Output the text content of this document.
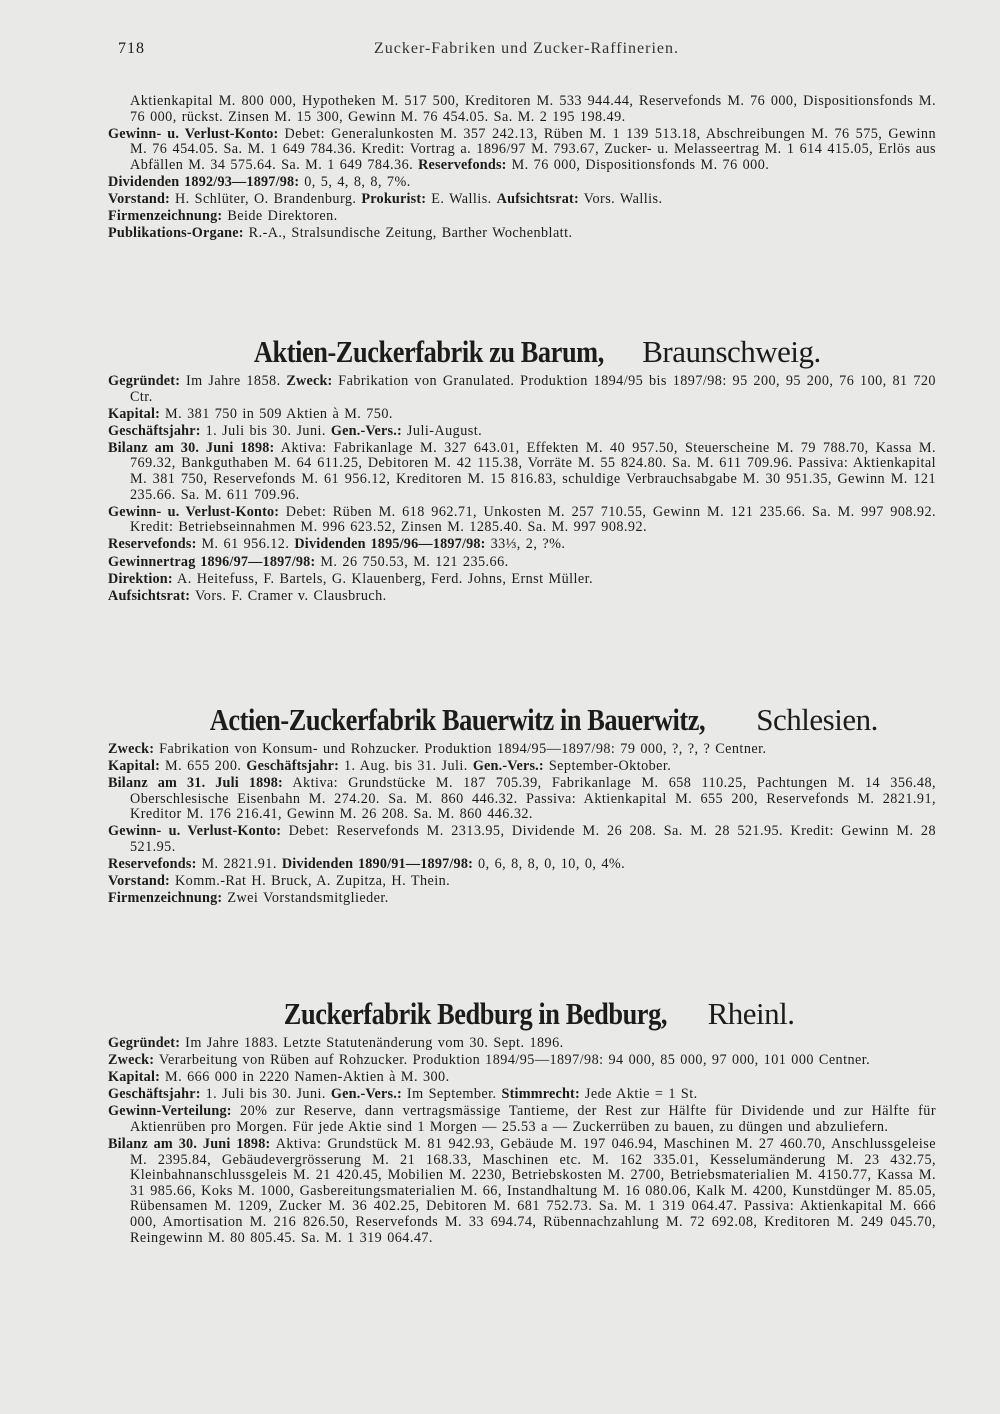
718	Zucker-Fabriken und Zucker-Raffinerien.

Aktienkapital M. 800 000, Hypotheken M. 517 500, Kreditoren M. 533 944.44, Reservefonds M. 76 000, Dispositionsfonds M. 76 000, rückst. Zinsen M. 15 300, Gewinn M. 76 454.05. Sa. M. 2 195 198.49.

Gewinn- u. Verlust-Konto: Debet: Generalunkosten M. 357 242.13, Rüben M. 1 139 513.18, Abschreibungen M. 76 575, Gewinn M. 76 454.05. Sa. M. 1 649 784.36. Kredit: Vortrag a. 1896/97 M. 793.67, Zucker- u. Melasseertrag M. 1 614 415.05, Erlös aus Abfällen M. 34 575.64. Sa. M. 1 649 784.36. Reservefonds: M. 76 000, Dispositionsfonds M. 76 000.

Dividenden 1892/93—1897/98: 0, 5, 4, 8, 8, 7%.

Vorstand: H. Schlüter, O. Brandenburg. Prokurist: E. Wallis. Aufsichtsrat: Vors. Wallis.

Firmenzeichnung: Beide Direktoren.

Publikations-Organe: R.-A., Stralsundische Zeitung, Barther Wochenblatt.

Aktien-Zuckerfabrik zu Barum, Braunschweig.

Gegründet: Im Jahre 1858. Zweck: Fabrikation von Granulated. Produktion 1894/95 bis 1897/98: 95 200, 95 200, 76 100, 81 720 Ctr.

Kapital: M. 381 750 in 509 Aktien à M. 750.

Geschäftsjahr: 1. Juli bis 30. Juni. Gen.-Vers.: Juli-August.

Bilanz am 30. Juni 1898: Aktiva: Fabrikanlage M. 327 643.01, Effekten M. 40 957.50, Steuerscheine M. 79 788.70, Kassa M. 769.32, Bankguthaben M. 64 611.25, Debitoren M. 42 115.38, Vorräte M. 55 824.80. Sa. M. 611 709.96. Passiva: Aktienkapital M. 381 750, Reservefonds M. 61 956.12, Kreditoren M. 15 816.83, schuldige Verbrauchsabgabe M. 30 951.35, Gewinn M. 121 235.66. Sa. M. 611 709.96.

Gewinn- u. Verlust-Konto: Debet: Rüben M. 618 962.71, Unkosten M. 257 710.55, Gewinn M. 121 235.66. Sa. M. 997 908.92. Kredit: Betriebseinnahmen M. 996 623.52, Zinsen M. 1285.40. Sa. M. 997 908.92.

Reservefonds: M. 61 956.12. Dividenden 1895/96—1897/98: 33⅓, 2, ?%.

Gewinnertrag 1896/97—1897/98: M. 26 750.53, M. 121 235.66.

Direktion: A. Heitefuss, F. Bartels, G. Klauenberg, Ferd. Johns, Ernst Müller.

Aufsichtsrat: Vors. F. Cramer v. Clausbruch.

Actien-Zuckerfabrik Bauerwitz in Bauerwitz, Schlesien.

Zweck: Fabrikation von Konsum- und Rohzucker. Produktion 1894/95—1897/98: 79 000, ?, ?, ? Centner.

Kapital: M. 655 200. Geschäftsjahr: 1. Aug. bis 31. Juli. Gen.-Vers.: September-Oktober.

Bilanz am 31. Juli 1898: Aktiva: Grundstücke M. 187 705.39, Fabrikanlage M. 658 110.25, Pachtungen M. 14 356.48, Oberschlesische Eisenbahn M. 274.20. Sa. M. 860 446.32. Passiva: Aktienkapital M. 655 200, Reservefonds M. 2821.91, Kreditor M. 176 216.41, Gewinn M. 26 208. Sa. M. 860 446.32.

Gewinn- u. Verlust-Konto: Debet: Reservefonds M. 2313.95, Dividende M. 26 208. Sa. M. 28 521.95. Kredit: Gewinn M. 28 521.95.

Reservefonds: M. 2821.91. Dividenden 1890/91—1897/98: 0, 6, 8, 8, 0, 10, 0, 4%.

Vorstand: Komm.-Rat H. Bruck, A. Zupitza, H. Thein.

Firmenzeichnung: Zwei Vorstandsmitglieder.

Zuckerfabrik Bedburg in Bedburg, Rheinl.

Gegründet: Im Jahre 1883. Letzte Statutenänderung vom 30. Sept. 1896.

Zweck: Verarbeitung von Rüben auf Rohzucker. Produktion 1894/95—1897/98: 94 000, 85 000, 97 000, 101 000 Centner.

Kapital: M. 666 000 in 2220 Namen-Aktien à M. 300.

Geschäftsjahr: 1. Juli bis 30. Juni. Gen.-Vers.: Im September. Stimmrecht: Jede Aktie = 1 St.

Gewinn-Verteilung: 20% zur Reserve, dann vertragsmässige Tantieme, der Rest zur Hälfte für Dividende und zur Hälfte für Aktienrüben pro Morgen. Für jede Aktie sind 1 Morgen — 25.53 a — Zuckerrüben zu bauen, zu düngen und abzuliefern.

Bilanz am 30. Juni 1898: Aktiva: Grundstück M. 81 942.93, Gebäude M. 197 046.94, Maschinen M. 27 460.70, Anschlussgeleise M. 2395.84, Gebäudevergrösserung M. 21 168.33, Maschinen etc. M. 162 335.01, Kesselumänderung M. 23 432.75, Kleinbahnanschlussgeleis M. 21 420.45, Mobilien M. 2230, Betriebskosten M. 2700, Betriebsmaterialien M. 4150.77, Kassa M. 31 985.66, Koks M. 1000, Gasbereitungsmaterialien M. 66, Instandhaltung M. 16 080.06, Kalk M. 4200, Kunstdünger M. 85.05, Rübensamen M. 1209, Zucker M. 36 402.25, Debitoren M. 681 752.73. Sa. M. 1 319 064.47. Passiva: Aktienkapital M. 666 000, Amortisation M. 216 826.50, Reservefonds M. 33 694.74, Rübennachzahlung M. 72 692.08, Kreditoren M. 249 045.70, Reingewinn M. 80 805.45. Sa. M. 1 319 064.47.
